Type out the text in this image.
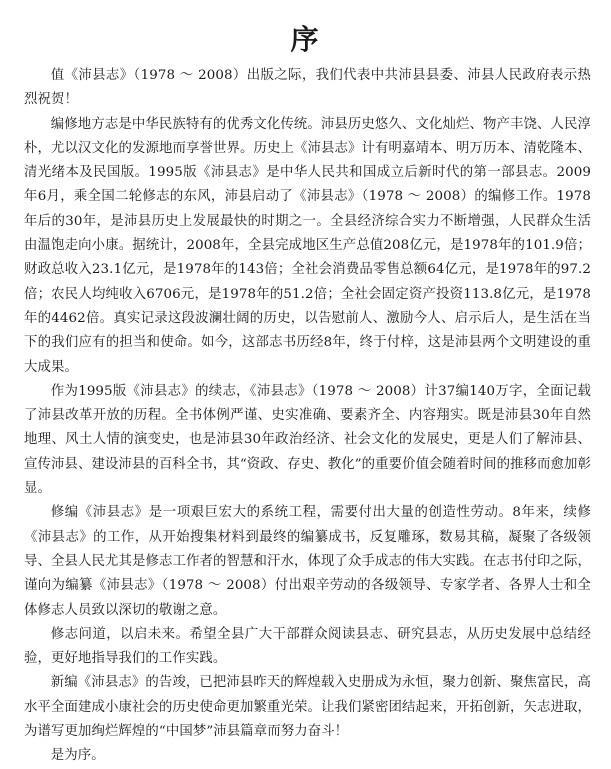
序

值《沛县志》（1978 ～ 2008）出版之际，我们代表中共沛县县委、沛县人民政府表示热烈祝贺！

编修地方志是中华民族特有的优秀文化传统。沛县历史悠久、文化灿烂、物产丰饶、人民淳朴，尤以汉文化的发源地而享誉世界。历史上《沛县志》计有明嘉靖本、明万历本、清乾隆本、清光绪本及民国版。1995版《沛县志》是中华人民共和国成立后新时代的第一部县志。2009年6月，乘全国二轮修志的东风，沛县启动了《沛县志》（1978 ～ 2008）的编修工作。1978年后的30年，是沛县历史上发展最快的时期之一。全县经济综合实力不断增强，人民群众生活由温饱走向小康。据统计，2008年，全县完成地区生产总值208亿元，是1978年的101.9倍；财政总收入23.1亿元，是1978年的143倍；全社会消费品零售总额64亿元，是1978年的97.2倍；农民人均纯收入6706元，是1978年的51.2倍；全社会固定资产投资113.8亿元，是1978年的4462倍。真实记录这段波澜壮阔的历史，以告慰前人、激励今人、启示后人，是生活在当下的我们应有的担当和使命。如今，这部志书历经8年，终于付梓，这是沛县两个文明建设的重大成果。

作为1995版《沛县志》的续志，《沛县志》（1978 ～ 2008）计37编140万字，全面记载了沛县改革开放的历程。全书体例严谨、史实准确、要素齐全、内容翔实。既是沛县30年自然地理、风土人情的演变史，也是沛县30年政治经济、社会文化的发展史，更是人们了解沛县、宣传沛县、建设沛县的百科全书，其“资政、存史、教化”的重要价值会随着时间的推移而愈加彰显。

修编《沛县志》是一项艰巨宏大的系统工程，需要付出大量的创造性劳动。8年来，续修《沛县志》的工作，从开始搜集材料到最终的编纂成书，反复雕琢，数易其稿，凝聚了各级领导、全县人民尤其是修志工作者的智慧和汗水，体现了众手成志的伟大实践。在志书付印之际，谨向为编纂《沛县志》（1978 ～ 2008）付出艰辛劳动的各级领导、专家学者、各界人士和全体修志人员致以深切的敬谢之意。

修志问道，以启未来。希望全县广大干部群众阅读县志、研究县志，从历史发展中总结经验，更好地指导我们的工作实践。

新编《沛县志》的告竣，已把沛县昨天的辉煌载入史册成为永恒，聚力创新、聚焦富民，高水平全面建成小康社会的历史使命更加繁重光荣。让我们紧密团结起来，开拓创新，矢志进取，为谱写更加绚烂辉煌的“中国梦”沛县篇章而努力奋斗！

是为序。
